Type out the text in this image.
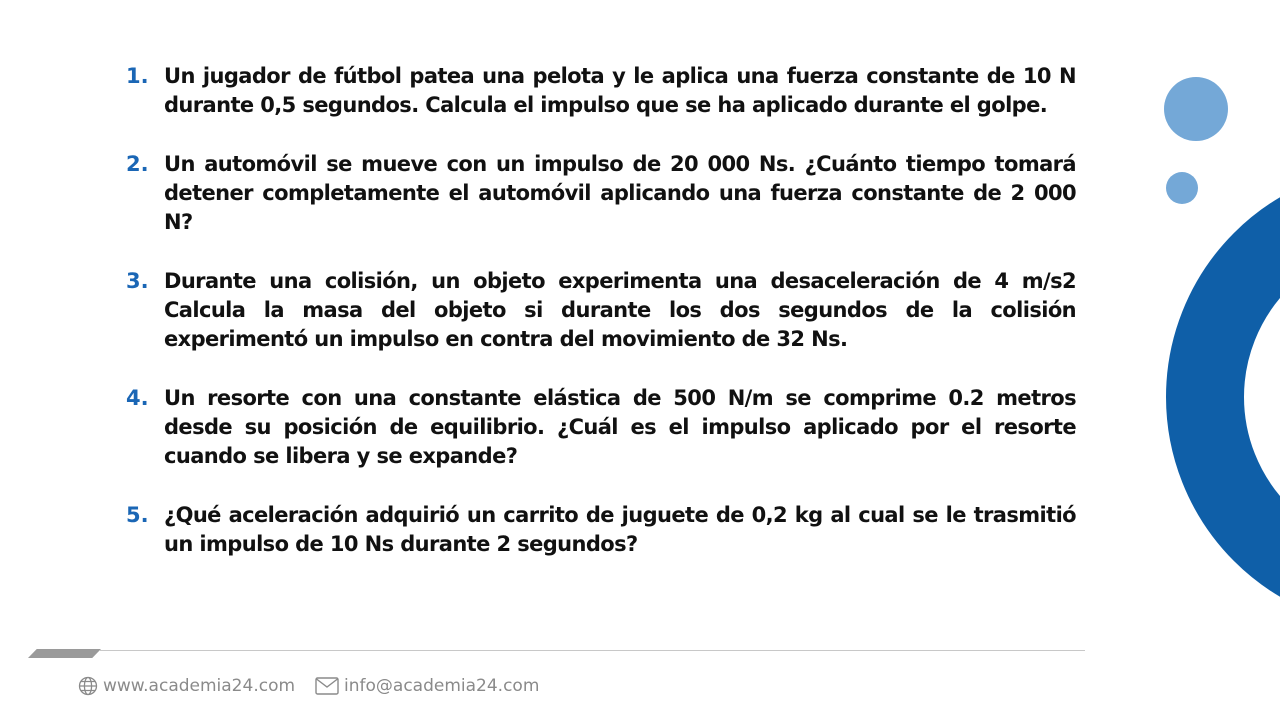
1. Un jugador de fútbol patea una pelota y le aplica una fuerza constante de 10 N durante 0,5 segundos. Calcula el impulso que se ha aplicado durante el golpe.
2. Un automóvil se mueve con un impulso de 20 000 Ns. ¿Cuánto tiempo tomará detener completamente el automóvil aplicando una fuerza constante de 2 000 N?
3. Durante una colisión, un objeto experimenta una desaceleración de 4 m/s2  Calcula la masa del objeto si durante los dos segundos de la colisión experimentó un impulso en contra del movimiento de 32 Ns.
4. Un resorte con una constante elástica de 500 N/m se comprime 0.2 metros desde su posición de equilibrio. ¿Cuál es el impulso aplicado por el resorte cuando se libera y se expande?
5. ¿Qué aceleración adquirió un carrito de juguete de 0,2 kg al cual se le trasmitió un impulso de 10 Ns durante 2 segundos?
www.academia24.com	info@academia24.com
